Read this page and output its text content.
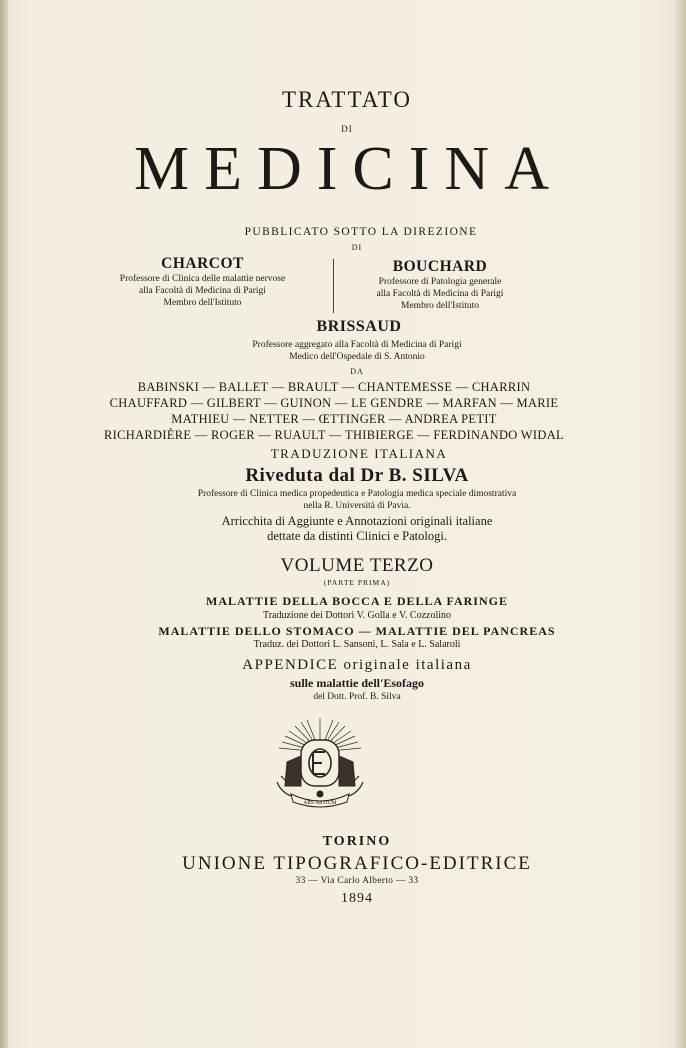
TRATTATO
DI
MEDICINA
PUBBLICATO SOTTO LA DIREZIONE
DI
CHARCOT
Professore di Clinica delle malattie nervose
alla Facoltà di Medicina di Parigi
Membro dell'Istituto
BOUCHARD
Professore di Patologia generale
alla Facoltà di Medicina di Parigi
Membro dell'Istituto
BRISSAUD
Professore aggregato alla Facoltà di Medicina di Parigi
Medico dell'Ospedale di S. Antonio
DA
BABINSKI — BALLET — BRAULT — CHANTEMESSE — CHARRIN
CHAUFFARD — GILBERT — GUINON — LE GENDRE — MARFAN — MARIE
MATHIEU — NETTER — ŒTTINGER — ANDREA PETIT
RICHARDIÈRE — ROGER — RUAULT — THIBIERGE — FERDINANDO WIDAL
TRADUZIONE ITALIANA
Riveduta dal Dr B. SILVA
Professore di Clinica medica propedeutica e Patologia medica speciale dimostrativa
nella R. Università di Pavia.
Arricchita di Aggiunte e Annotazioni originali italiane
dettate da distinti Clinici e Patologi.
VOLUME TERZO
(PARTE PRIMA)
MALATTIE DELLA BOCCA E DELLA FARINGE
Traduzione dei Dottori V. Golla e V. Cozzolino
MALATTIE DELLO STOMACO — MALATTIE DEL PANCREAS
Traduz. dei Dottori L. Sansoni, L. Sala e L. Salaroli
APPENDICE originale italiana
sulle malattie dell'Esofago
del Dott. Prof. B. Silva
ARS ARTIUM
TORINO
UNIONE TIPOGRAFICO-EDITRICE
33 — Via Carlo Alberto — 33
1894
